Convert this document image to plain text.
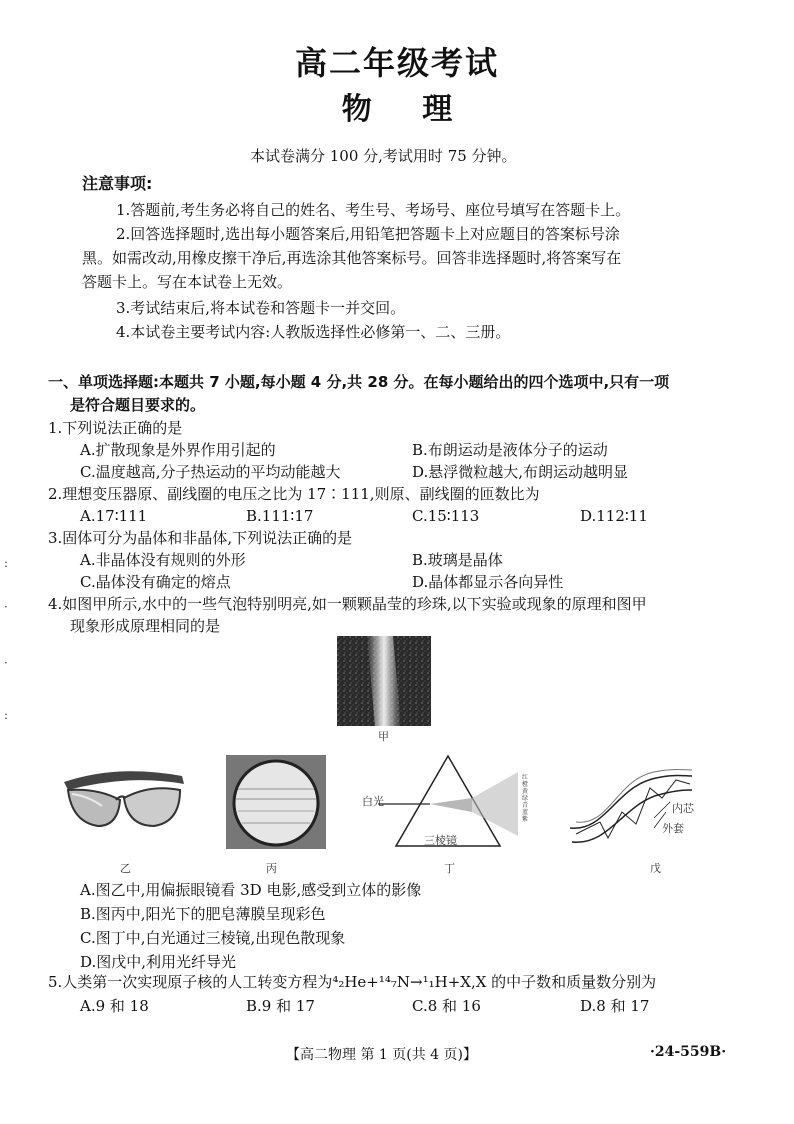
高二年级考试
物 理
本试卷满分 100 分,考试用时 75 分钟。
注意事项:
1.答题前,考生务必将自己的姓名、考生号、考场号、座位号填写在答题卡上。
2.回答选择题时,选出每小题答案后,用铅笔把答题卡上对应题目的答案标号涂
黑。如需改动,用橡皮擦干净后,再选涂其他答案标号。回答非选择题时,将答案写在
答题卡上。写在本试卷上无效。
3.考试结束后,将本试卷和答题卡一并交回。
4.本试卷主要考试内容:人教版选择性必修第一、二、三册。
一、单项选择题:本题共 7 小题,每小题 4 分,共 28 分。在每小题给出的四个选项中,只有一项
是符合题目要求的。
1.下列说法正确的是
A.扩散现象是外界作用引起的	B.布朗运动是液体分子的运动
C.温度越高,分子热运动的平均动能越大	D.悬浮微粒越大,布朗运动越明显
2.理想变压器原、副线圈的电压之比为 17∶111,则原、副线圈的匝数比为
A.17∶111	B.111∶17	C.15∶113	D.112∶11
3.固体可分为晶体和非晶体,下列说法正确的是
A.非晶体没有规则的外形	B.玻璃是晶体
C.晶体没有确定的熔点	D.晶体都显示各向异性
4.如图甲所示,水中的一些气泡特别明亮,如一颗颗晶莹的珍珠,以下实验或现象的原理和图甲
现象形成原理相同的是
甲
乙	丙
白光
三棱镜
红橙黄绿青蓝紫
丁
内芯
外套
戊
A.图乙中,用偏振眼镜看 3D 电影,感受到立体的影像
B.图丙中,阳光下的肥皂薄膜呈现彩色
C.图丁中,白光通过三棱镜,出现色散现象
D.图戊中,利用光纤导光
5.人类第一次实现原子核的人工转变方程为⁴₂He+¹⁴₇N→¹₁H+X,X 的中子数和质量数分别为
A.9 和 18	B.9 和 17	C.8 和 16	D.8 和 17
【高二物理 第 1 页(共 4 页)】	·24-559B·
:
·
·
:
